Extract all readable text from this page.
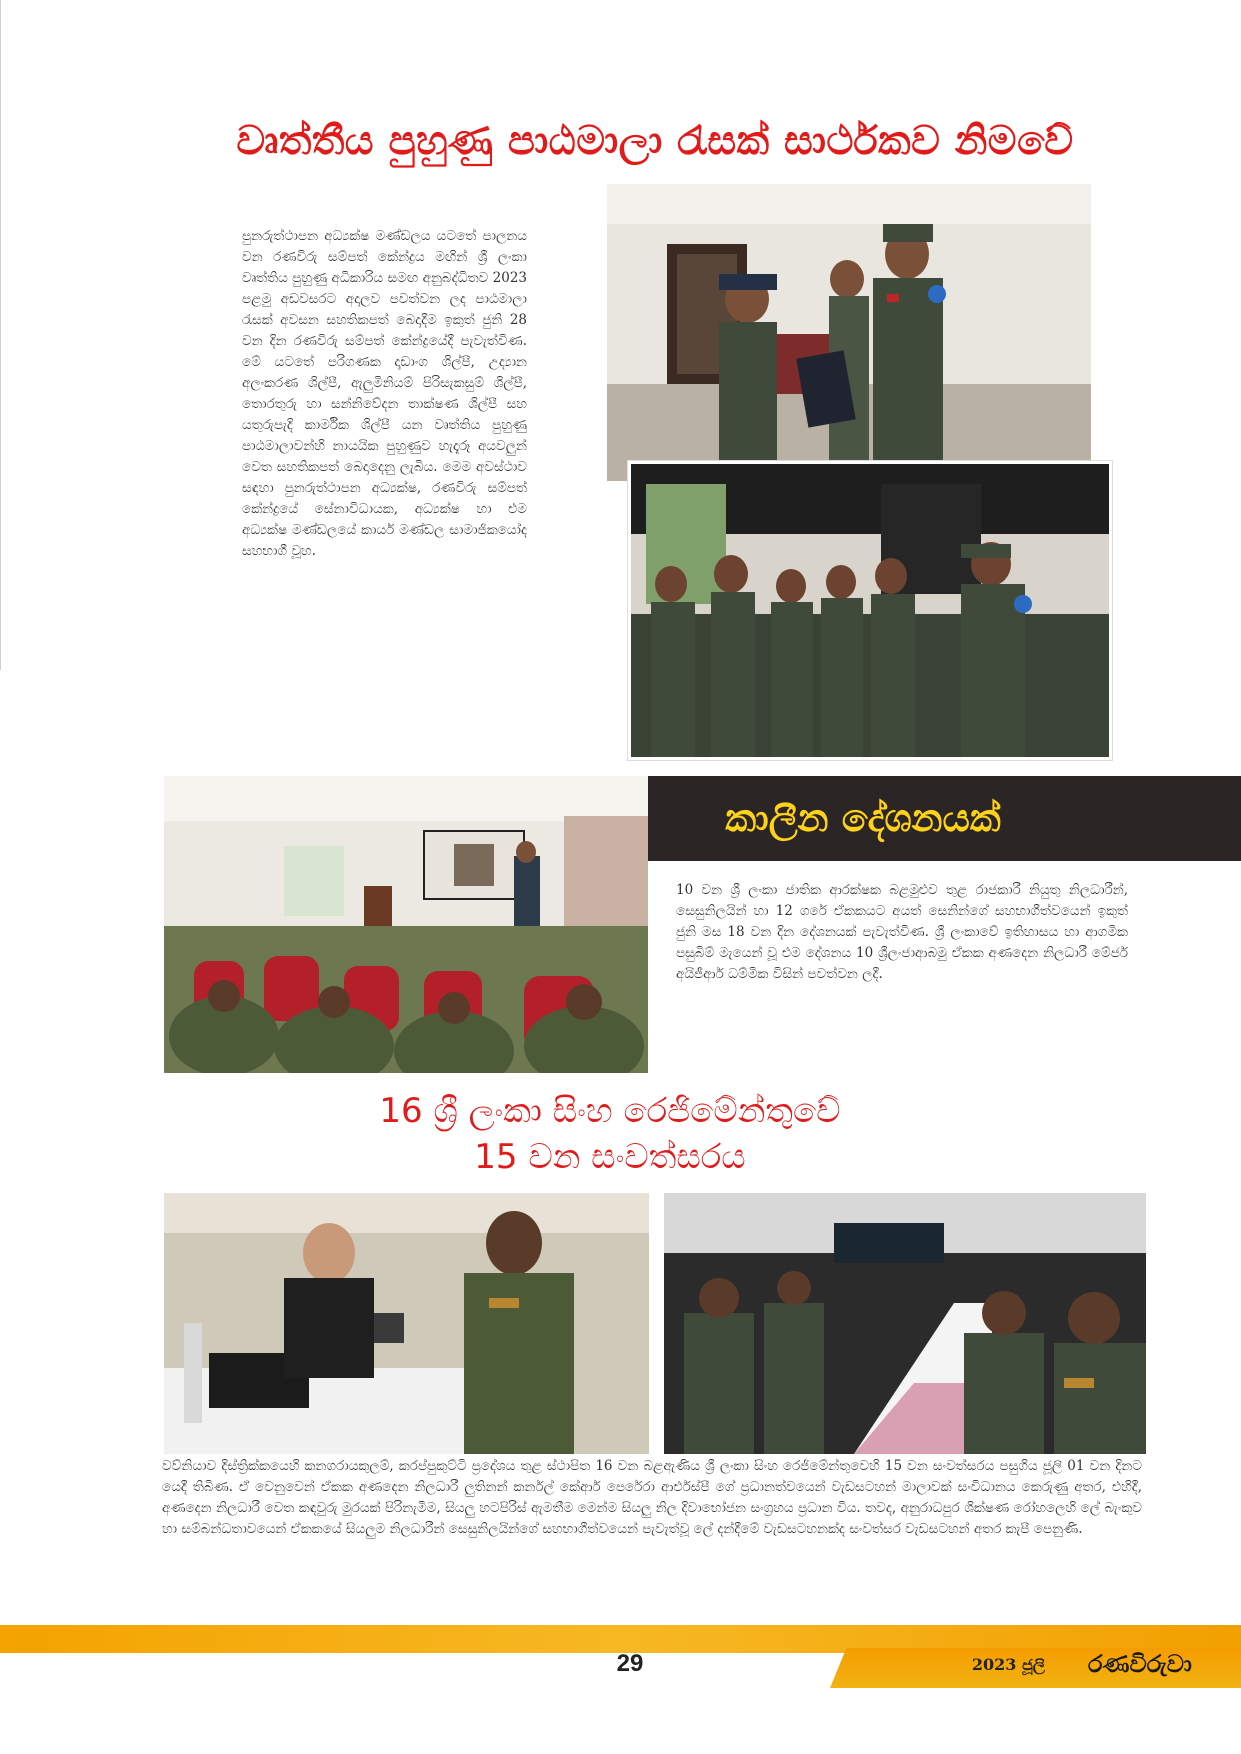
වෘත්තීය පුහුණු පාඨමාලා රැසක් සාර්ථකව නිමවේ
පුනරුත්ථාපන අධ්‍යක්ෂ මණ්ඩලය යටතේ පාලනය වන රණවිරු සම්පත් කේන්ද්‍රය මඟින් ශ්‍රී ලංකා වෘත්තිය පුහුණු අධිකාරිය සමඟ අනුබද්ධිතව 2023 පළමු අඩවසරට අදාලව පවත්වන ලද පාඨමාලා රැසක් අවසන සහතිකපත් බෙදාදීම ඉකුත් ජුනි 28 වන දින රණවිරු සම්පත් කේන්ද්‍රයේදී පැවැත්විණ. මේ යටතේ පරිගණක දෘඩාංග ශිල්පී, උද්‍යාන අලංකරණ ශිල්පී, ඇලුමිනියම් පිරිසැකසුම් ශිල්පී, තොරතුරු හා සන්නිවේදන තාක්ෂණ ශිල්පී සහ යතුරුපැදි කාර්මික ශිල්පී යන වෘත්තිය පුහුණු පාඨමාලාවන්හි නායයික පුහුණුව හැදෑරූ අයවලුන් වෙත සහතිකපත් බෙදාදෙනු ලැබිය. මෙම අවස්ථාව සඳහා පුනරුත්ථාපන අධ්‍යක්ෂ, රණවිරු සම්පත් කේන්ද්‍රයේ සේනාවිධායක, අධ්‍යක්ෂ හා එම අධ්‍යක්ෂ මණ්ඩලයේ කාර්ය මණ්ඩල සාමාජිකයෝද සහභාගී වූහ.
කාලීන දේශනයක්
10 වන ශ්‍රී ලංකා ජාතික ආරක්ෂක බළමුළුව තුළ රාජකාරී නියුතු නිලධාරීන්, සෙසුනිලයින් හා 12 ගරේ ඒකකයට අයත් සෙනින්ගේ සහභාගීත්වයෙන් ඉකුත් ජුනි මස 18 වන දින දේශනයක් පැවැත්විණ. ශ්‍රී ලංකාවේ ඉතිහාසය හා ආගමික පසුබිම් මැයෙන් වූ එම දේශනය 10 ශ්‍රීලංජාආබමු ඒකක අණදෙන නිලධාරී මේජර් අයිජීආර් ධම්මික විසින් පවත්වන ලදී.
16 ශ්‍රී ලංකා සිංහ රෙජිමේන්තුවේ
15 වන සංවත්සරය
වව්නියාව දිස්ත්‍රික්කයෙහි කනගරායකුලම්, කරප්පුකුට්ටි ප්‍රදේශය තුළ ස්ථාපිත 16 වන බළඇණිය ශ්‍රී ලංකා සිංහ රෙජිමේන්තුවෙහි 15 වන සංවත්සරය පසුගිය ජූලි 01 වන දිනට යෙදී තිබිණ. ඒ වෙනුවෙන් ඒකක අණදෙන නිලධාරී ලුතිනන් කර්නල් කේආර් පෙරේරා ආර්එස්පී ගේ ප්‍රධානත්වයෙන් වැඩසටහන් මාලාවක් සංවිධානය කෙරුණු අතර, එහිදී, අණදෙන නිලධාරී වෙත කඳවුරු මුරයක් පිරිනැමීම, සියලු හටපිරිස් ඇමතීම මෙන්ම සියලු නිල දිවාභෝජන සංග්‍රහය ප්‍රධාන විය. තවද, අනුරාධපුර ශික්ෂණ රෝහලෙහි ලේ බැංකුව හා සම්බන්ධතාවයෙන් ඒකකයේ සියලුම නිලධාරීන් සෙසුනිලයින්ගේ සහභාගීත්වයෙන් පැවැත්වූ ලේ දන්දීමේ වැඩසටහනක්ද සංවත්සර වැඩසටහන් අතර කැපී පෙනුණි.
29	2023 ජූලි	රණවිරුවා
